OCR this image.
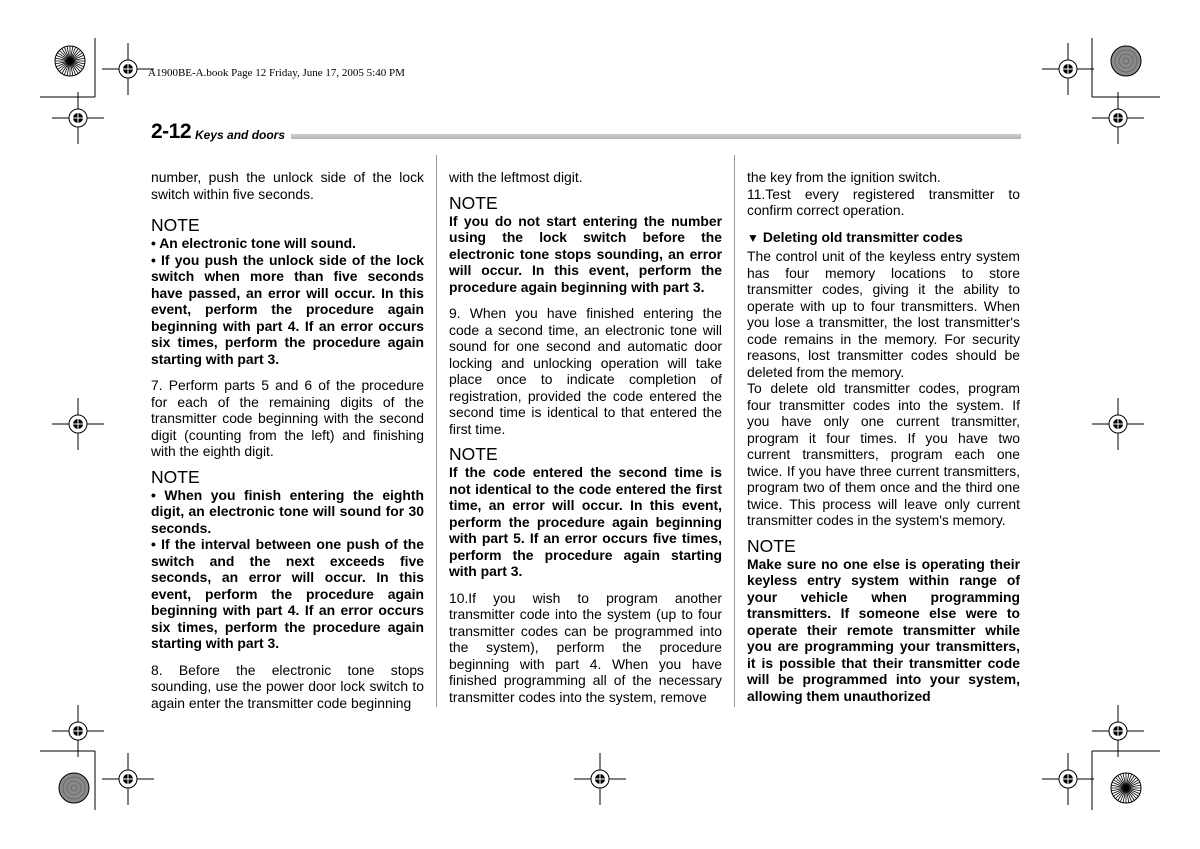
A1900BE-A.book Page 12 Friday, June 17, 2005 5:40 PM
2-12 Keys and doors

number, push the unlock side of the lock switch within five seconds.

NOTE

• An electronic tone will sound.

• If you push the unlock side of the lock switch when more than five seconds have passed, an error will occur. In this event, perform the procedure again beginning with part 4. If an error occurs six times, perform the procedure again starting with part 3.

7. Perform parts 5 and 6 of the procedure for each of the remaining digits of the transmitter code beginning with the second digit (counting from the left) and finishing with the eighth digit.

NOTE

• When you finish entering the eighth digit, an electronic tone will sound for 30 seconds.

• If the interval between one push of the switch and the next exceeds five seconds, an error will occur. In this event, perform the procedure again beginning with part 4. If an error occurs six times, perform the procedure again starting with part 3.

8. Before the electronic tone stops sounding, use the power door lock switch to again enter the transmitter code beginning

with the leftmost digit.

NOTE

If you do not start entering the number using the lock switch before the electronic tone stops sounding, an error will occur. In this event, perform the procedure again beginning with part 3.

9. When you have finished entering the code a second time, an electronic tone will sound for one second and automatic door locking and unlocking operation will take place once to indicate completion of registration, provided the code entered the second time is identical to that entered the first time.

NOTE

If the code entered the second time is not identical to the code entered the first time, an error will occur. In this event, perform the procedure again beginning with part 5. If an error occurs five times, perform the procedure again starting with part 3.

10.If you wish to program another transmitter code into the system (up to four transmitter codes can be programmed into the system), perform the procedure beginning with part 4. When you have finished programming all of the necessary transmitter codes into the system, remove

the key from the ignition switch.

11.Test every registered transmitter to confirm correct operation.

▼ Deleting old transmitter codes

The control unit of the keyless entry system has four memory locations to store transmitter codes, giving it the ability to operate with up to four transmitters. When you lose a transmitter, the lost transmitter's code remains in the memory. For security reasons, lost transmitter codes should be deleted from the memory.

To delete old transmitter codes, program four transmitter codes into the system. If you have only one current transmitter, program it four times. If you have two current transmitters, program each one twice. If you have three current transmitters, program two of them once and the third one twice. This process will leave only current transmitter codes in the system's memory.

NOTE

Make sure no one else is operating their keyless entry system within range of your vehicle when programming transmitters. If someone else were to operate their remote transmitter while you are programming your transmitters, it is possible that their transmitter code will be programmed into your system, allowing them unauthorized
